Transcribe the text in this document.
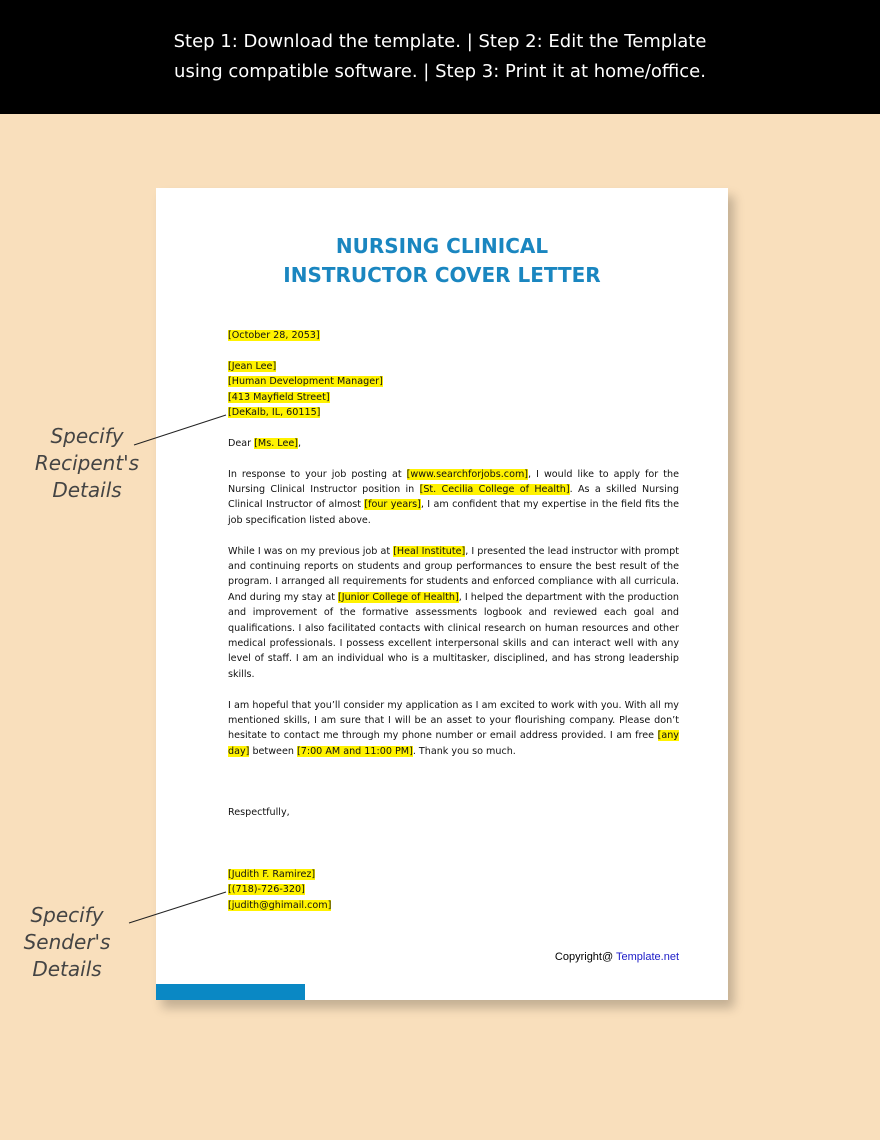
Step 1: Download the template. | Step 2: Edit the Template
using compatible software. | Step 3: Print it at home/office.
NURSING CLINICAL
INSTRUCTOR COVER LETTER

[October 28, 2053]

[Jean Lee]

[Human Development Manager]

[413 Mayfield Street]

[DeKalb, IL, 60115]

Dear [Ms. Lee],

In response to your job posting at [www.searchforjobs.com], I would like to apply for the Nursing Clinical Instructor position in [St. Cecilia College of Health]. As a skilled Nursing Clinical Instructor of almost [four years], I am confident that my expertise in the field fits the job specification listed above.

While I was on my previous job at [Heal Institute], I presented the lead instructor with prompt and continuing reports on students and group performances to ensure the best result of the program. I arranged all requirements for students and enforced compliance with all curricula. And during my stay at [Junior College of Health], I helped the department with the production and improvement of the formative assessments logbook and reviewed each goal and qualifications. I also facilitated contacts with clinical research on human resources and other medical professionals. I possess excellent interpersonal skills and can interact well with any level of staff. I am an individual who is a multitasker, disciplined, and has strong leadership skills.

I am hopeful that you’ll consider my application as I am excited to work with you. With all my mentioned skills, I am sure that I will be an asset to your flourishing company. Please don’t hesitate to contact me through my phone number or email address provided. I am free [any day] between [7:00 AM and 11:00 PM]. Thank you so much.

Respectfully,

[Judith F. Ramirez]

[(718)-726-320]

[judith@ghimail.com]

Copyright@ Template.net
Specify
Recipent's
Details
Specify
Sender's
Details
